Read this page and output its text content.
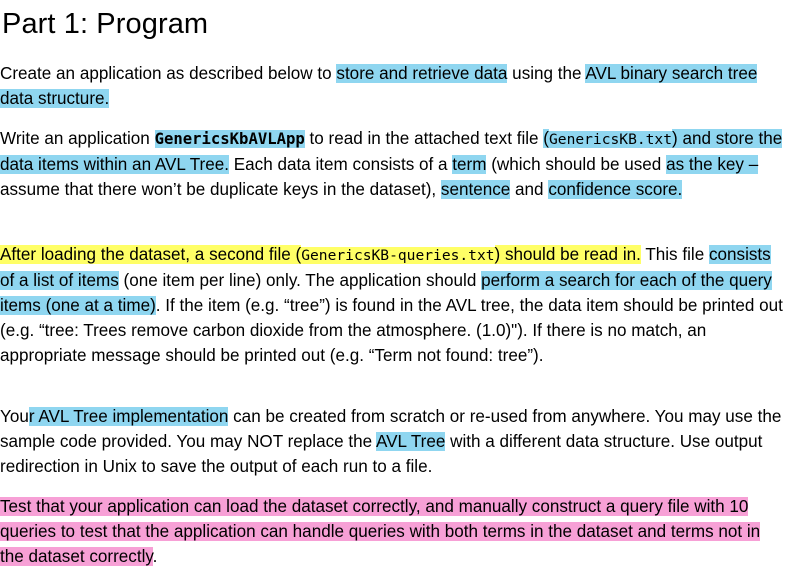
Part 1: Program

Create an application as described below to store and retrieve data using the AVL binary search tree data structure.

Write an application GenericsKbAVLApp to read in the attached text file (GenericsKB.txt) and store the data items within an AVL Tree. Each data item consists of a term (which should be used as the key – assume that there won’t be duplicate keys in the dataset), sentence and confidence score.

After loading the dataset, a second file (GenericsKB-queries.txt) should be read in. This file consists of a list of items (one item per line) only. The application should perform a search for each of the query items (one at a time). If the item (e.g. “tree”) is found in the AVL tree, the data item should be printed out (e.g. “tree: Trees remove carbon dioxide from the atmosphere. (1.0)"). If there is no match, an appropriate message should be printed out (e.g. “Term not found: tree”).

Your AVL Tree implementation can be created from scratch or re-used from anywhere. You may use the sample code provided. You may NOT replace the AVL Tree with a different data structure. Use output redirection in Unix to save the output of each run to a file.

Test that your application can load the dataset correctly, and manually construct a query file with 10 queries to test that the application can handle queries with both terms in the dataset and terms not in the dataset correctly.
